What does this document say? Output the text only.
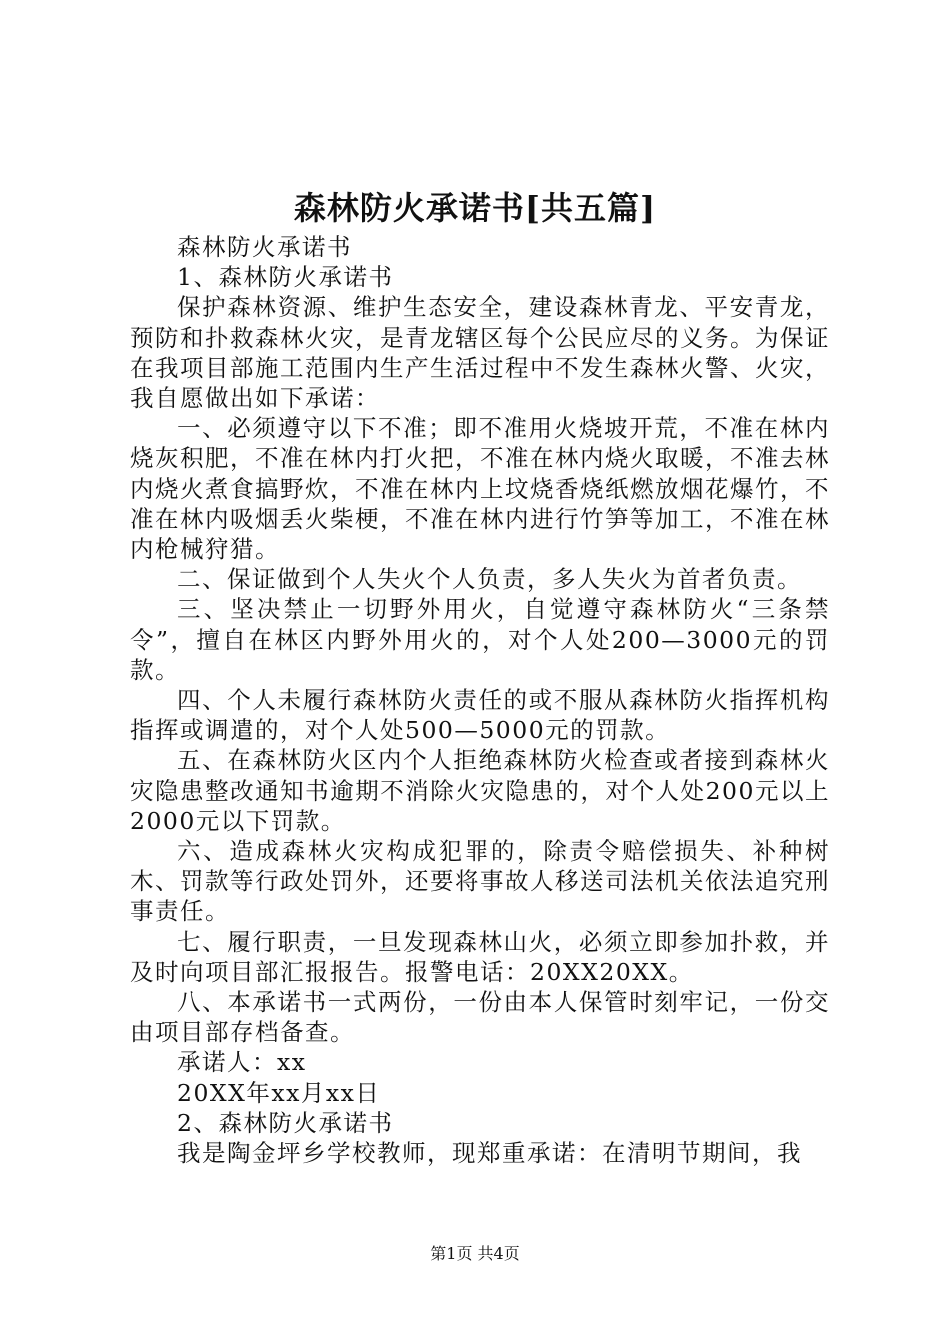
森林防火承诺书[共五篇]

森林防火承诺书

1、森林防火承诺书

保护森林资源、维护生态安全，建设森林青龙、平安青龙，预防和扑救森林火灾，是青龙辖区每个公民应尽的义务。为保证在我项目部施工范围内生产生活过程中不发生森林火警、火灾，我自愿做出如下承诺：

一、必须遵守以下不准；即不准用火烧坡开荒，不准在林内烧灰积肥，不准在林内打火把，不准在林内烧火取暖，不准去林内烧火煮食搞野炊，不准在林内上坟烧香烧纸燃放烟花爆竹，不准在林内吸烟丢火柴梗，不准在林内进行竹笋等加工，不准在林内枪械狩猎。

二、保证做到个人失火个人负责，多人失火为首者负责。

三、坚决禁止一切野外用火，自觉遵守森林防火“三条禁令”，擅自在林区内野外用火的，对个人处200—3000元的罚款。

四、个人未履行森林防火责任的或不服从森林防火指挥机构指挥或调遣的，对个人处500—5000元的罚款。

五、在森林防火区内个人拒绝森林防火检查或者接到森林火灾隐患整改通知书逾期不消除火灾隐患的，对个人处200元以上2000元以下罚款。

六、造成森林火灾构成犯罪的，除责令赔偿损失、补种树木、罚款等行政处罚外，还要将事故人移送司法机关依法追究刑事责任。

七、履行职责，一旦发现森林山火，必须立即参加扑救，并及时向项目部汇报报告。报警电话：20XX20XX。

八、本承诺书一式两份，一份由本人保管时刻牢记，一份交由项目部存档备查。

承诺人：xx

20XX年xx月xx日

2、森林防火承诺书

我是陶金坪乡学校教师，现郑重承诺：在清明节期间，我

第1页 共4页
